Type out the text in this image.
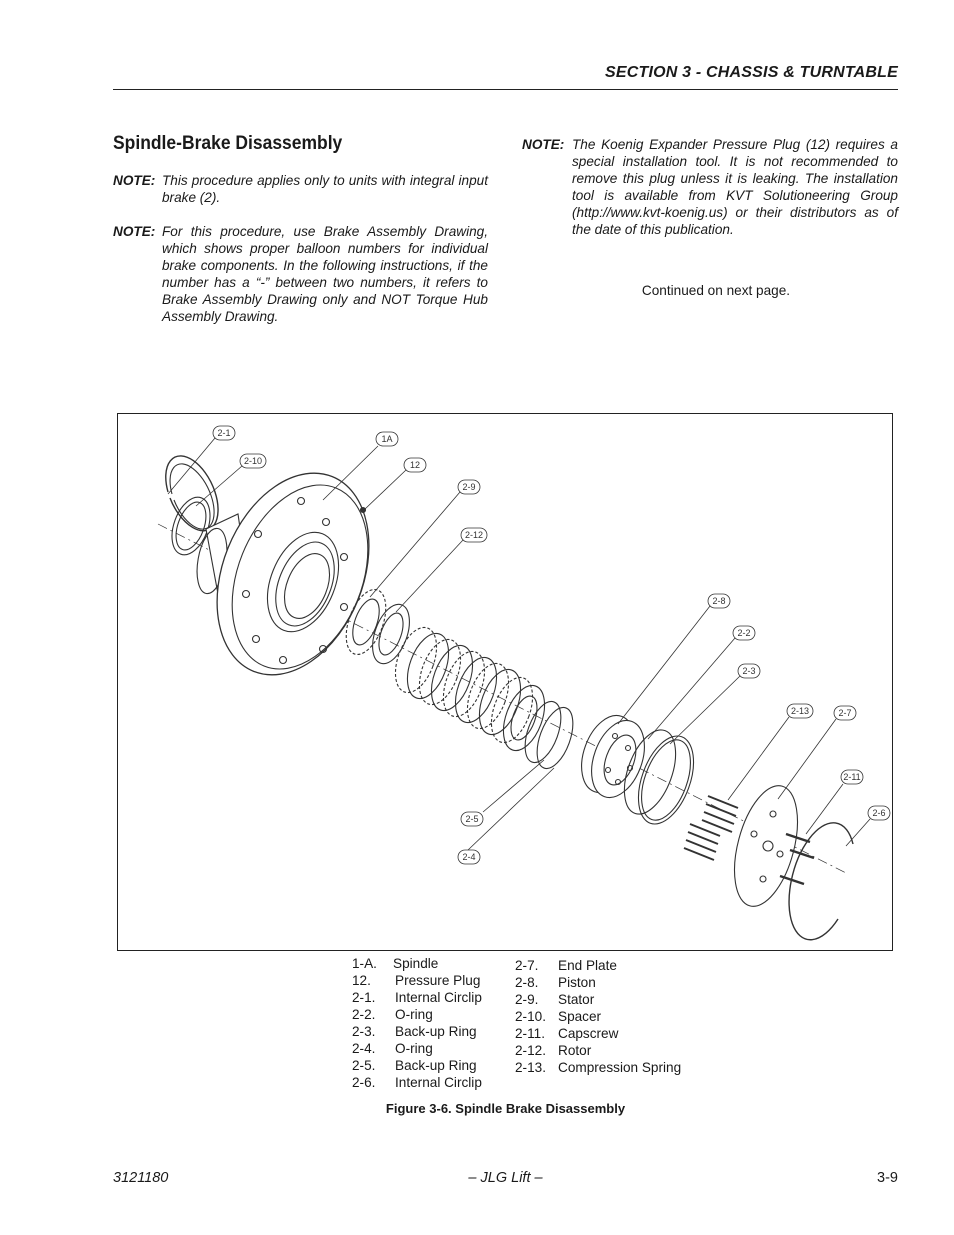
SECTION 3 - CHASSIS & TURNTABLE
Spindle-Brake Disassembly
NOTE: This procedure applies only to units with integral input brake (2).
NOTE: For this procedure, use Brake Assembly Drawing, which shows proper balloon numbers for individual brake components. In the following instructions, if the number has a “-” between two numbers, it refers to Brake Assembly Drawing only and NOT Torque Hub Assembly Drawing.
NOTE: The Koenig Expander Pressure Plug (12) requires a special installation tool. It is not recommended to remove this plug unless it is leaking. The installation tool is available from KVT Solutioneering Group (http://www.kvt-koenig.us) or their distributors as of the date of this publication.
Continued on next page.
2-1
2-10
1A
12
2-9
2-12
2-8
2-2
2-3
2-13	2-7
2-11
2-6
2-5
2-4
1-A. Spindle
12. Pressure Plug
2-1. Internal Circlip
2-2. O-ring
2-3. Back-up Ring
2-4. O-ring
2-5. Back-up Ring
2-6. Internal Circlip
2-7. End Plate
2-8. Piston
2-9. Stator
2-10. Spacer
2-11. Capscrew
2-12. Rotor
2-13. Compression Spring
Figure 3-6. Spindle Brake Disassembly
3121180	– JLG Lift –	3-9
